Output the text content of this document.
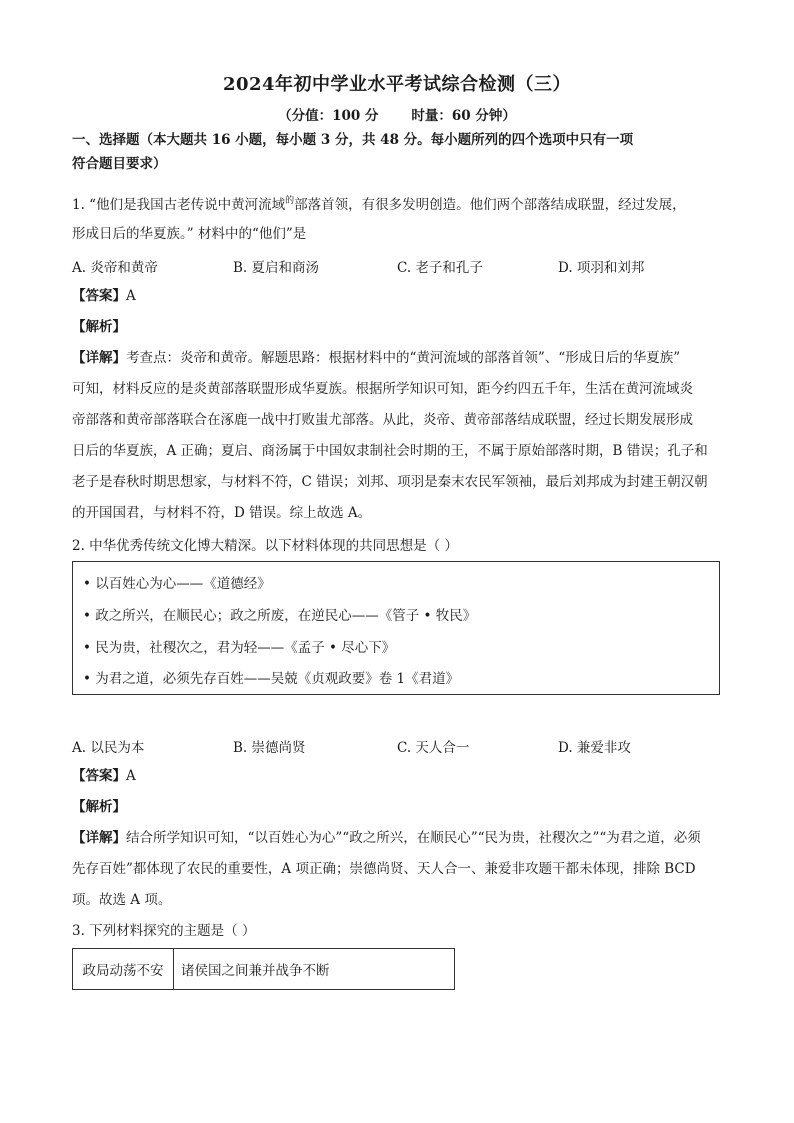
2024年初中学业水平考试综合检测（三）
（分值：100 分       时量：60 分钟）
一、选择题（本大题共 16 小题，每小题 3 分，共 48 分。每小题所列的四个选项中只有一项
符合题目要求）
1. “他们是我国古老传说中黄河流域$^的$部落首领，有很多发明创造。他们两个部落结成联盟，经过发展，
形成日后的华夏族。” 材料中的“他们”是
A. 炎帝和黄帝	B. 夏启和商汤	C. 老子和孔子	D. 项羽和刘邦
【答案】A
【解析】
【详解】考查点：炎帝和黄帝。解题思路：根据材料中的“黄河流域的部落首领”、“形成日后的华夏族”
可知，材料反应的是炎黄部落联盟形成华夏族。根据所学知识可知，距今约四五千年，生活在黄河流域炎
帝部落和黄帝部落联合在涿鹿一战中打败蚩尤部落。从此，炎帝、黄帝部落结成联盟，经过长期发展形成
日后的华夏族，A 正确；夏启、商汤属于中国奴隶制社会时期的王，不属于原始部落时期，B 错误；孔子和
老子是春秋时期思想家，与材料不符，C 错误；刘邦、项羽是秦末农民军领袖，最后刘邦成为封建王朝汉朝
的开国国君，与材料不符，D 错误。综上故选 A。
2. 中华优秀传统文化博大精深。以下材料体现的共同思想是（ ）
• 以百姓心为心——《道德经》
• 政之所兴，在顺民心；政之所废，在逆民心——《管子 • 牧民》
• 民为贵，社稷次之，君为轻——《孟子 • 尽心下》
• 为君之道，必须先存百姓——吴兢《贞观政要》卷 1《君道》
A. 以民为本	B. 崇德尚贤	C. 天人合一	D. 兼爱非攻
【答案】A
【解析】
【详解】结合所学知识可知，“以百姓心为心”“政之所兴，在顺民心”“民为贵，社稷次之”“为君之道，必须
先存百姓”都体现了农民的重要性，A 项正确；崇德尚贤、天人合一、兼爱非攻题干都未体现，排除 BCD
项。故选 A 项。
3. 下列材料探究的主题是（ ）
政局动荡不安	诸侯国之间兼并战争不断
